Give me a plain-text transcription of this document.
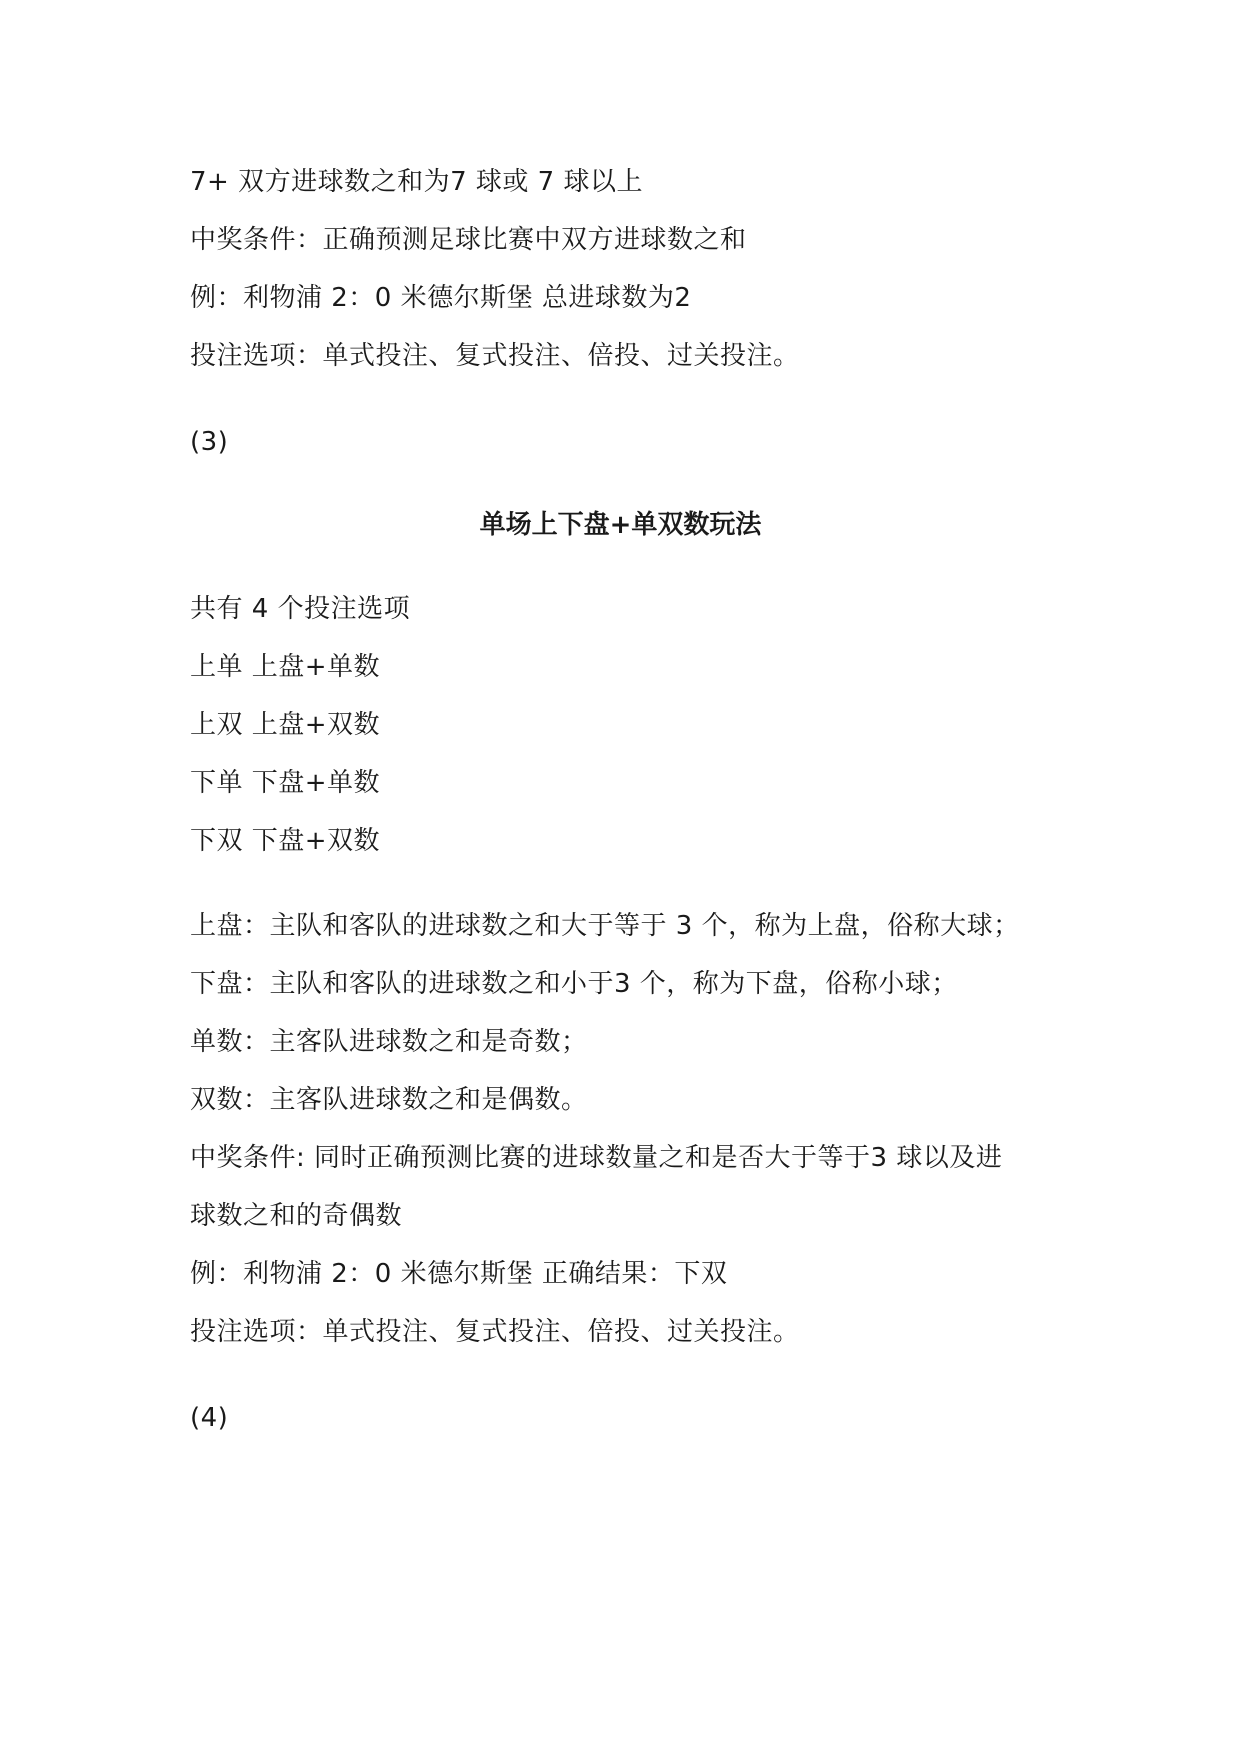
7+ 双方进球数之和为7 球或 7 球以上
中奖条件：正确预测足球比赛中双方进球数之和
例：利物浦 2：0 米德尔斯堡 总进球数为2
投注选项：单式投注、复式投注、倍投、过关投注。
(3)
单场上下盘+单双数玩法
共有 4 个投注选项
上单 上盘+单数
上双 上盘+双数
下单 下盘+单数
下双 下盘+双数
上盘：主队和客队的进球数之和大于等于 3 个，称为上盘，俗称大球；
下盘：主队和客队的进球数之和小于3 个，称为下盘，俗称小球；
单数：主客队进球数之和是奇数；
双数：主客队进球数之和是偶数。
中奖条件: 同时正确预测比赛的进球数量之和是否大于等于3 球以及进
球数之和的奇偶数
例：利物浦 2：0 米德尔斯堡 正确结果：下双
投注选项：单式投注、复式投注、倍投、过关投注。
(4)
